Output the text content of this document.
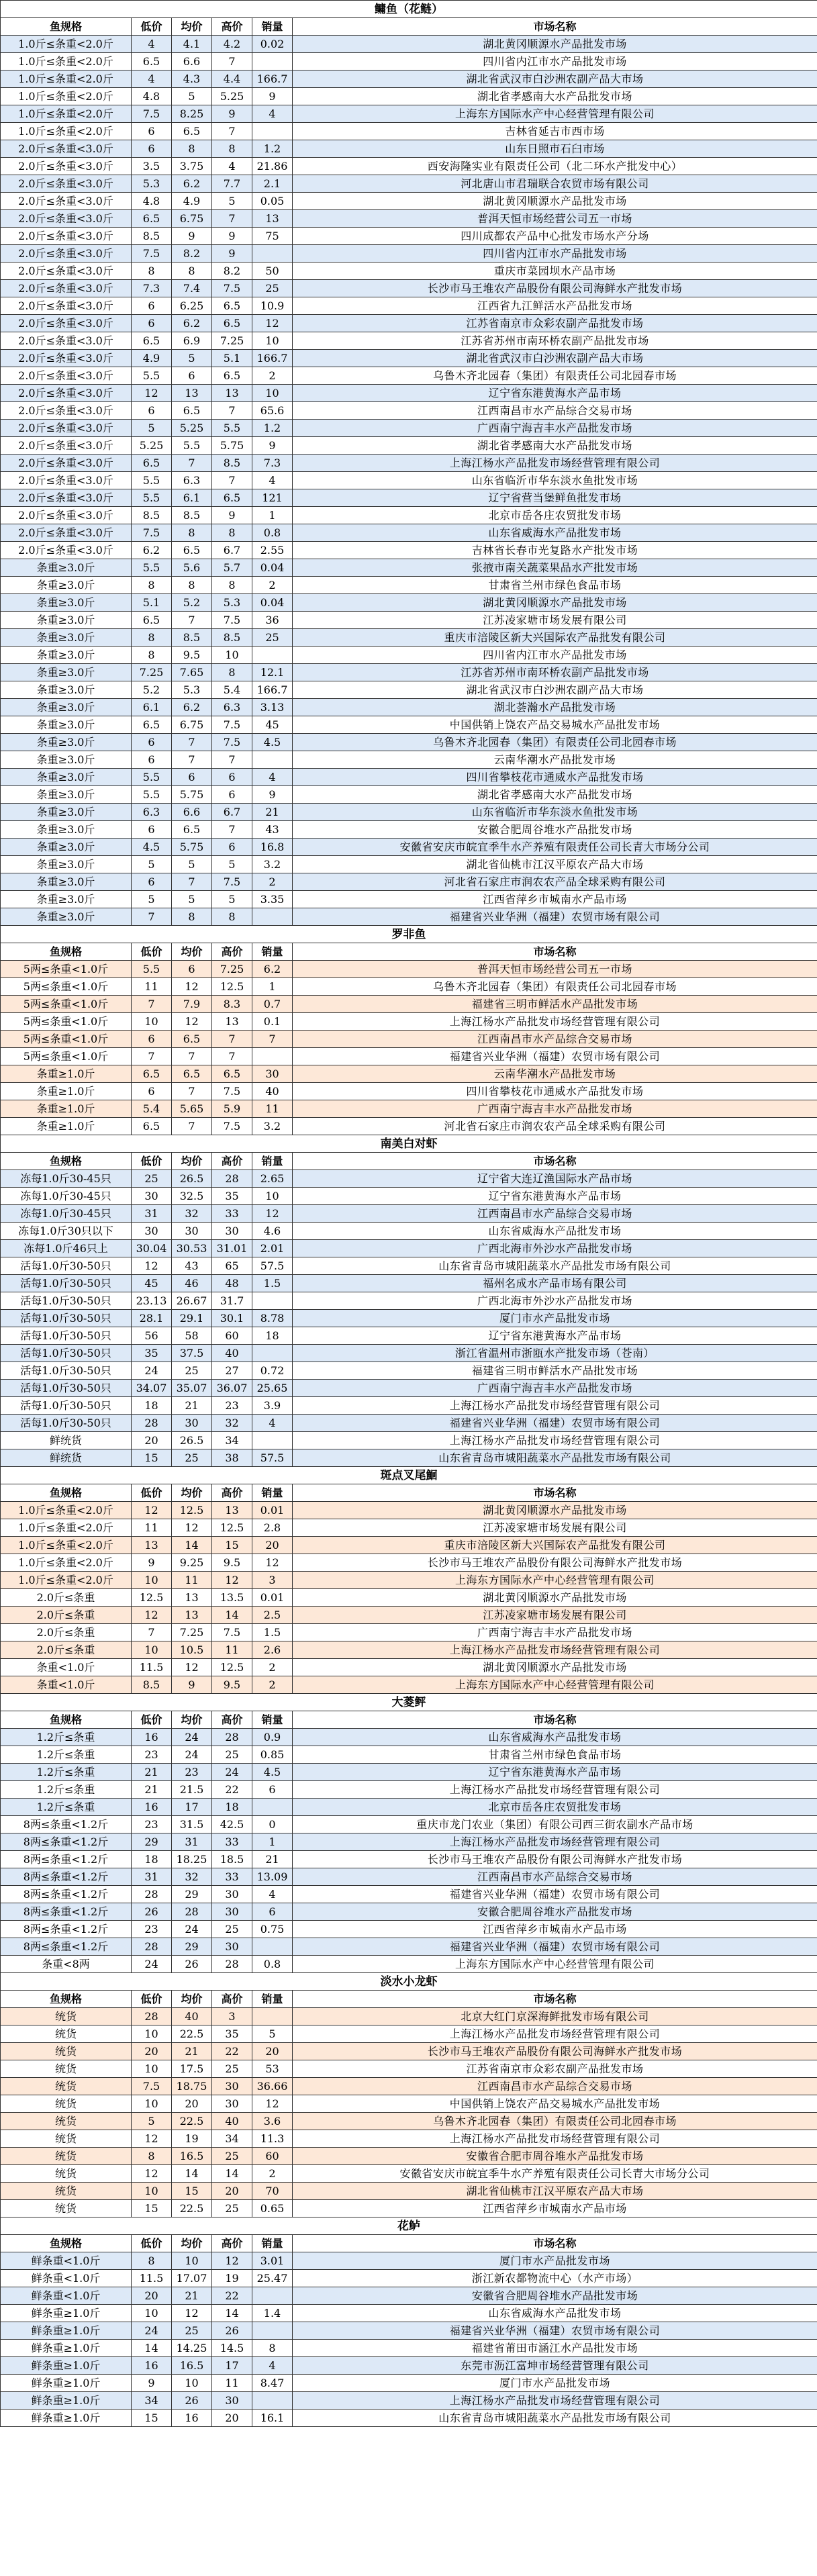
鳙鱼（花鲢）					
鱼规格	低价	均价	高价	销量	市场名称
1.0斤≤条重<2.0斤	4	4.1	4.2	0.02	湖北黄冈顺源水产品批发市场
1.0斤≤条重<2.0斤	6.5	6.6	7		四川省内江市水产品批发市场
1.0斤≤条重<2.0斤	4	4.3	4.4	166.7	湖北省武汉市白沙洲农副产品大市场
1.0斤≤条重<2.0斤	4.8	5	5.25	9	湖北省孝感南大水产品批发市场
1.0斤≤条重<2.0斤	7.5	8.25	9	4	上海东方国际水产中心经营管理有限公司
1.0斤≤条重<2.0斤	6	6.5	7		吉林省延吉市西市场
2.0斤≤条重<3.0斤	6	8	8	1.2	山东日照市石臼市场
2.0斤≤条重<3.0斤	3.5	3.75	4	21.86	西安海隆实业有限责任公司（北二环水产批发中心）
2.0斤≤条重<3.0斤	5.3	6.2	7.7	2.1	河北唐山市君瑞联合农贸市场有限公司
2.0斤≤条重<3.0斤	4.8	4.9	5	0.05	湖北黄冈顺源水产品批发市场
2.0斤≤条重<3.0斤	6.5	6.75	7	13	普洱天恒市场经营公司五一市场
2.0斤≤条重<3.0斤	8.5	9	9	75	四川成都农产品中心批发市场水产分场
2.0斤≤条重<3.0斤	7.5	8.2	9		四川省内江市水产品批发市场
2.0斤≤条重<3.0斤	8	8	8.2	50	重庆市菜园坝水产品市场
2.0斤≤条重<3.0斤	7.3	7.4	7.5	25	长沙市马王堆农产品股份有限公司海鲜水产批发市场
2.0斤≤条重<3.0斤	6	6.25	6.5	10.9	江西省九江鲜活水产品批发市场
2.0斤≤条重<3.0斤	6	6.2	6.5	12	江苏省南京市众彩农副产品批发市场
2.0斤≤条重<3.0斤	6.5	6.9	7.25	10	江苏省苏州市南环桥农副产品批发市场
2.0斤≤条重<3.0斤	4.9	5	5.1	166.7	湖北省武汉市白沙洲农副产品大市场
2.0斤≤条重<3.0斤	5.5	6	6.5	2	乌鲁木齐北园春（集团）有限责任公司北园春市场
2.0斤≤条重<3.0斤	12	13	13	10	辽宁省东港黄海水产品市场
2.0斤≤条重<3.0斤	6	6.5	7	65.6	江西南昌市水产品综合交易市场
2.0斤≤条重<3.0斤	5	5.25	5.5	1.2	广西南宁海吉丰水产品批发市场
2.0斤≤条重<3.0斤	5.25	5.5	5.75	9	湖北省孝感南大水产品批发市场
2.0斤≤条重<3.0斤	6.5	7	8.5	7.3	上海江杨水产品批发市场经营管理有限公司
2.0斤≤条重<3.0斤	5.5	6.3	7	4	山东省临沂市华东淡水鱼批发市场
2.0斤≤条重<3.0斤	5.5	6.1	6.5	121	辽宁省营当堡鲜鱼批发市场
2.0斤≤条重<3.0斤	8.5	8.5	9	1	北京市岳各庄农贸批发市场
2.0斤≤条重<3.0斤	7.5	8	8	0.8	山东省威海水产品批发市场
2.0斤≤条重<3.0斤	6.2	6.5	6.7	2.55	吉林省长春市光复路水产批发市场
条重≥3.0斤	5.5	5.6	5.7	0.04	张掖市南关蔬菜果品水产批发市场
条重≥3.0斤	8	8	8	2	甘肃省兰州市绿色食品市场
条重≥3.0斤	5.1	5.2	5.3	0.04	湖北黄冈顺源水产品批发市场
条重≥3.0斤	6.5	7	7.5	36	江苏凌家塘市场发展有限公司
条重≥3.0斤	8	8.5	8.5	25	重庆市涪陵区新大兴国际农产品批发有限公司
条重≥3.0斤	8	9.5	10		四川省内江市水产品批发市场
条重≥3.0斤	7.25	7.65	8	12.1	江苏省苏州市南环桥农副产品批发市场
条重≥3.0斤	5.2	5.3	5.4	166.7	湖北省武汉市白沙洲农副产品大市场
条重≥3.0斤	6.1	6.2	6.3	3.13	湖北荟瀚水产品批发市场
条重≥3.0斤	6.5	6.75	7.5	45	中国供销上饶农产品交易城水产品批发市场
条重≥3.0斤	6	7	7.5	4.5	乌鲁木齐北园春（集团）有限责任公司北园春市场
条重≥3.0斤	6	7	7		云南华潮水产品批发市场
条重≥3.0斤	5.5	6	6	4	四川省攀枝花市通威水产品批发市场
条重≥3.0斤	5.5	5.75	6	9	湖北省孝感南大水产品批发市场
条重≥3.0斤	6.3	6.6	6.7	21	山东省临沂市华东淡水鱼批发市场
条重≥3.0斤	6	6.5	7	43	安徽合肥周谷堆水产品批发市场
条重≥3.0斤	4.5	5.75	6	16.8	安徽省安庆市皖宜季牛水产养殖有限责任公司长青大市场分公司
条重≥3.0斤	5	5	5	3.2	湖北省仙桃市江汉平原农产品大市场
条重≥3.0斤	6	7	7.5	2	河北省石家庄市润农农产品全球采购有限公司
条重≥3.0斤	5	5	5	3.35	江西省萍乡市城南水产品市场
条重≥3.0斤	7	8	8		福建省兴业华洲（福建）农贸市场有限公司
罗非鱼					
鱼规格	低价	均价	高价	销量	市场名称
5两≤条重<1.0斤	5.5	6	7.25	6.2	普洱天恒市场经营公司五一市场
5两≤条重<1.0斤	11	12	12.5	1	乌鲁木齐北园春（集团）有限责任公司北园春市场
5两≤条重<1.0斤	7	7.9	8.3	0.7	福建省三明市鲜活水产品批发市场
5两≤条重<1.0斤	10	12	13	0.1	上海江杨水产品批发市场经营管理有限公司
5两≤条重<1.0斤	6	6.5	7	7	江西南昌市水产品综合交易市场
5两≤条重<1.0斤	7	7	7		福建省兴业华洲（福建）农贸市场有限公司
条重≥1.0斤	6.5	6.5	6.5	30	云南华潮水产品批发市场
条重≥1.0斤	6	7	7.5	40	四川省攀枝花市通威水产品批发市场
条重≥1.0斤	5.4	5.65	5.9	11	广西南宁海吉丰水产品批发市场
条重≥1.0斤	6.5	7	7.5	3.2	河北省石家庄市润农农产品全球采购有限公司
南美白对虾					
鱼规格	低价	均价	高价	销量	市场名称
冻每1.0斤30-45只	25	26.5	28	2.65	辽宁省大连辽渔国际水产品市场
冻每1.0斤30-45只	30	32.5	35	10	辽宁省东港黄海水产品市场
冻每1.0斤30-45只	31	32	33	12	江西南昌市水产品综合交易市场
冻每1.0斤30只以下	30	30	30	4.6	山东省威海水产品批发市场
冻每1.0斤46只上	30.04	30.53	31.01	2.01	广西北海市外沙水产品批发市场
活每1.0斤30-50只	12	43	65	57.5	山东省青岛市城阳蔬菜水产品批发市场有限公司
活每1.0斤30-50只	45	46	48	1.5	福州名成水产品市场有限公司
活每1.0斤30-50只	23.13	26.67	31.7		广西北海市外沙水产品批发市场
活每1.0斤30-50只	28.1	29.1	30.1	8.78	厦门市水产品批发市场
活每1.0斤30-50只	56	58	60	18	辽宁省东港黄海水产品市场
活每1.0斤30-50只	35	37.5	40		浙江省温州市浙瓯水产批发市场（苍南）
活每1.0斤30-50只	24	25	27	0.72	福建省三明市鲜活水产品批发市场
活每1.0斤30-50只	34.07	35.07	36.07	25.65	广西南宁海吉丰水产品批发市场
活每1.0斤30-50只	18	21	23	3.9	上海江杨水产品批发市场经营管理有限公司
活每1.0斤30-50只	28	30	32	4	福建省兴业华洲（福建）农贸市场有限公司
鲜统货	20	26.5	34		上海江杨水产品批发市场经营管理有限公司
鲜统货	15	25	38	57.5	山东省青岛市城阳蔬菜水产品批发市场有限公司
斑点叉尾鮰					
鱼规格	低价	均价	高价	销量	市场名称
1.0斤≤条重<2.0斤	12	12.5	13	0.01	湖北黄冈顺源水产品批发市场
1.0斤≤条重<2.0斤	11	12	12.5	2.8	江苏凌家塘市场发展有限公司
1.0斤≤条重<2.0斤	13	14	15	20	重庆市涪陵区新大兴国际农产品批发有限公司
1.0斤≤条重<2.0斤	9	9.25	9.5	12	长沙市马王堆农产品股份有限公司海鲜水产批发市场
1.0斤≤条重<2.0斤	10	11	12	3	上海东方国际水产中心经营管理有限公司
2.0斤≤条重	12.5	13	13.5	0.01	湖北黄冈顺源水产品批发市场
2.0斤≤条重	12	13	14	2.5	江苏凌家塘市场发展有限公司
2.0斤≤条重	7	7.25	7.5	1.5	广西南宁海吉丰水产品批发市场
2.0斤≤条重	10	10.5	11	2.6	上海江杨水产品批发市场经营管理有限公司
条重<1.0斤	11.5	12	12.5	2	湖北黄冈顺源水产品批发市场
条重<1.0斤	8.5	9	9.5	2	上海东方国际水产中心经营管理有限公司
大菱鲆					
鱼规格	低价	均价	高价	销量	市场名称
1.2斤≤条重	16	24	28	0.9	山东省威海水产品批发市场
1.2斤≤条重	23	24	25	0.85	甘肃省兰州市绿色食品市场
1.2斤≤条重	21	23	24	4.5	辽宁省东港黄海水产品市场
1.2斤≤条重	21	21.5	22	6	上海江杨水产品批发市场经营管理有限公司
1.2斤≤条重	16	17	18		北京市岳各庄农贸批发市场
8两≤条重<1.2斤	23	31.5	42.5	0	重庆市龙门农业（集团）有限公司西三街农副水产品市场
8两≤条重<1.2斤	29	31	33	1	上海江杨水产品批发市场经营管理有限公司
8两≤条重<1.2斤	18	18.25	18.5	21	长沙市马王堆农产品股份有限公司海鲜水产批发市场
8两≤条重<1.2斤	31	32	33	13.09	江西南昌市水产品综合交易市场
8两≤条重<1.2斤	28	29	30	4	福建省兴业华洲（福建）农贸市场有限公司
8两≤条重<1.2斤	26	28	30	6	安徽合肥周谷堆水产品批发市场
8两≤条重<1.2斤	23	24	25	0.75	江西省萍乡市城南水产品市场
8两≤条重<1.2斤	28	29	30		福建省兴业华洲（福建）农贸市场有限公司
条重<8两	24	26	28	0.8	上海东方国际水产中心经营管理有限公司
淡水小龙虾					
鱼规格	低价	均价	高价	销量	市场名称
统货	28	40	3		北京大红门京深海鲜批发市场有限公司
统货	10	22.5	35	5	上海江杨水产品批发市场经营管理有限公司
统货	20	21	22	20	长沙市马王堆农产品股份有限公司海鲜水产批发市场
统货	10	17.5	25	53	江苏省南京市众彩农副产品批发市场
统货	7.5	18.75	30	36.66	江西南昌市水产品综合交易市场
统货	10	20	30	12	中国供销上饶农产品交易城水产品批发市场
统货	5	22.5	40	3.6	乌鲁木齐北园春（集团）有限责任公司北园春市场
统货	12	19	34	11.3	上海江杨水产品批发市场经营管理有限公司
统货	8	16.5	25	60	安徽省合肥市周谷堆水产品批发市场
统货	12	14	14	2	安徽省安庆市皖宜季牛水产养殖有限责任公司长青大市场分公司
统货	10	15	20	70	湖北省仙桃市江汉平原农产品大市场
统货	15	22.5	25	0.65	江西省萍乡市城南水产品市场
花鲈					
鱼规格	低价	均价	高价	销量	市场名称
鲜条重<1.0斤	8	10	12	3.01	厦门市水产品批发市场
鲜条重<1.0斤	11.5	17.07	19	25.47	浙江新农都物流中心（水产市场）
鲜条重<1.0斤	20	21	22		安徽省合肥周谷堆水产品批发市场
鲜条重≥1.0斤	10	12	14	1.4	山东省威海水产品批发市场
鲜条重≥1.0斤	24	25	26		福建省兴业华洲（福建）农贸市场有限公司
鲜条重≥1.0斤	14	14.25	14.5	8	福建省莆田市涵江水产品批发市场
鲜条重≥1.0斤	16	16.5	17	4	东莞市沥江富坤市场经营管理有限公司
鲜条重≥1.0斤	9	10	11	8.47	厦门市水产品批发市场
鲜条重≥1.0斤	34	26	30		上海江杨水产品批发市场经营管理有限公司
鲜条重≥1.0斤	15	16	20	16.1	山东省青岛市城阳蔬菜水产品批发市场有限公司
